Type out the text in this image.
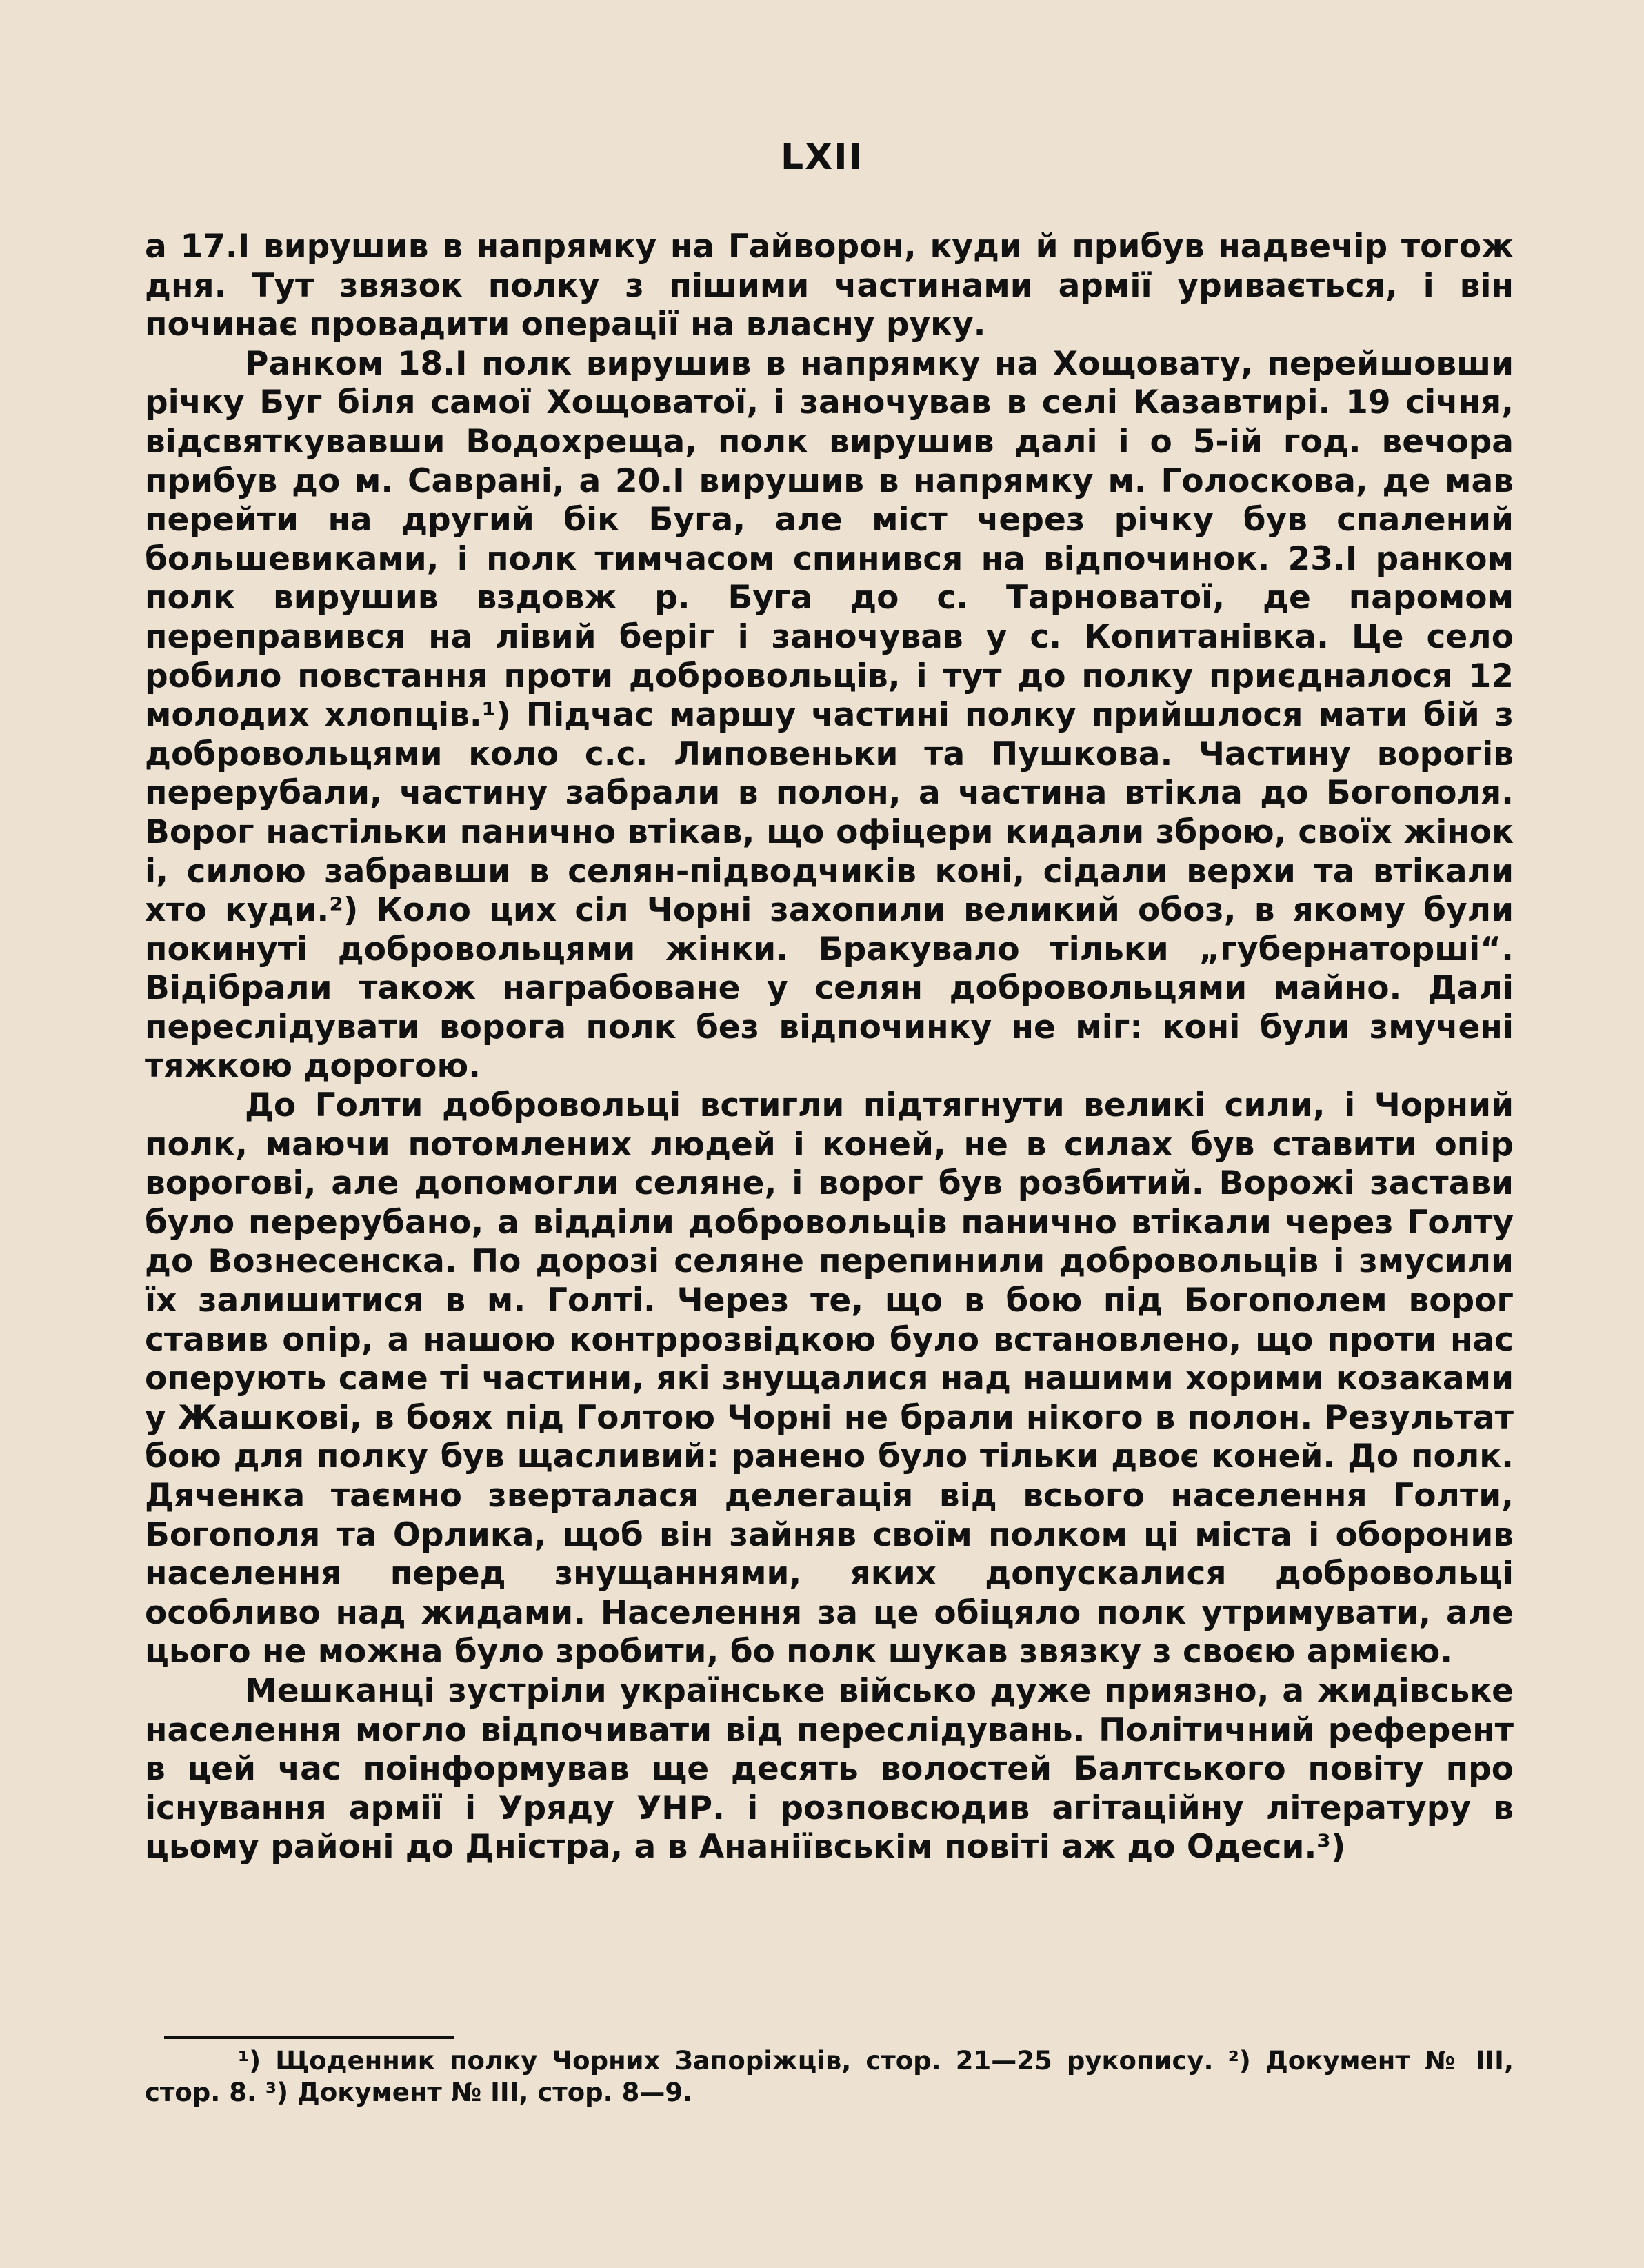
LXII

а 17.І вирушив в напрямку на Гайворон, куди й прибув надвечір тогож дня. Тут звязок полку з пішими частинами армії уривається, і він починає провадити операції на власну руку.

Ранком 18.І полк вирушив в напрямку на Хощовату, перейшовши річку Буг біля самої Хощоватої, і заночував в селі Казавтирі. 19 січня, відсвяткувавши Водохреща, полк вирушив далі і о 5-ій год. вечора прибув до м. Саврані, а 20.І вирушив в напрямку м. Голоскова, де мав перейти на другий бік Буга, але міст через річку був спалений большевиками, і полк тимчасом спинився на відпочинок. 23.І ранком полк вирушив вздовж р. Буга до с. Тарноватої, де паромом переправився на лівий беріг і заночував у с. Копитанівка. Це село робило повстання проти добровольців, і тут до полку приєдналося 12 молодих хлопців.¹) Підчас маршу частині полку прийшлося мати бій з добровольцями коло с.с. Липовеньки та Пушкова. Частину ворогів перерубали, частину забрали в полон, а частина втікла до Богополя. Ворог настільки панично втікав, що офіцери кидали зброю, своїх жінок і, силою забравши в селян-підводчиків коні, сідали верхи та втікали хто куди.²) Коло цих сіл Чорні захопили великий обоз, в якому були покинуті добровольцями жінки. Бракувало тільки „губернаторші“. Відібрали також награбоване у селян добровольцями майно. Далі переслідувати ворога полк без відпочинку не міг: коні були змучені тяжкою дорогою.

До Голти добровольці встигли підтягнути великі сили, і Чорний полк, маючи потомлених людей і коней, не в силах був ставити опір ворогові, але допомогли селяне, і ворог був розбитий. Ворожі застави було перерубано, а відділи добровольців панично втікали через Голту до Вознесенска. По дорозі селяне перепинили добровольців і змусили їх залишитися в м. Голті. Через те, що в бою під Богополем ворог ставив опір, а нашою контррозвідкою було встановлено, що проти нас оперують саме ті частини, які знущалися над нашими хорими козаками у Жашкові, в боях під Голтою Чорні не брали нікого в полон. Результат бою для полку був щасливий: ранено було тільки двоє коней. До полк. Дяченка таємно зверталася делегація від всього населення Голти, Богополя та Орлика, щоб він зайняв своїм полком ці міста і оборонив населення перед знущаннями, яких допускалися добровольці особливо над жидами. Населення за це обіцяло полк утримувати, але цього не можна було зробити, бо полк шукав звязку з своєю армією.

Мешканці зустріли українське військо дуже приязно, а жидівське населення могло відпочивати від переслідувань. Політичний референт в цей час поінформував ще десять волостей Балтського повіту про існування армії і Уряду УНР. і розповсюдив агітаційну літературу в цьому районі до Дністра, а в Ананіївськім повіті аж до Одеси.³)

¹) Щоденник полку Чорних Запоріжців, стор. 21—25 рукопису. ²) Документ № ІІІ, стор. 8. ³) Документ № ІІІ, стор. 8—9.
